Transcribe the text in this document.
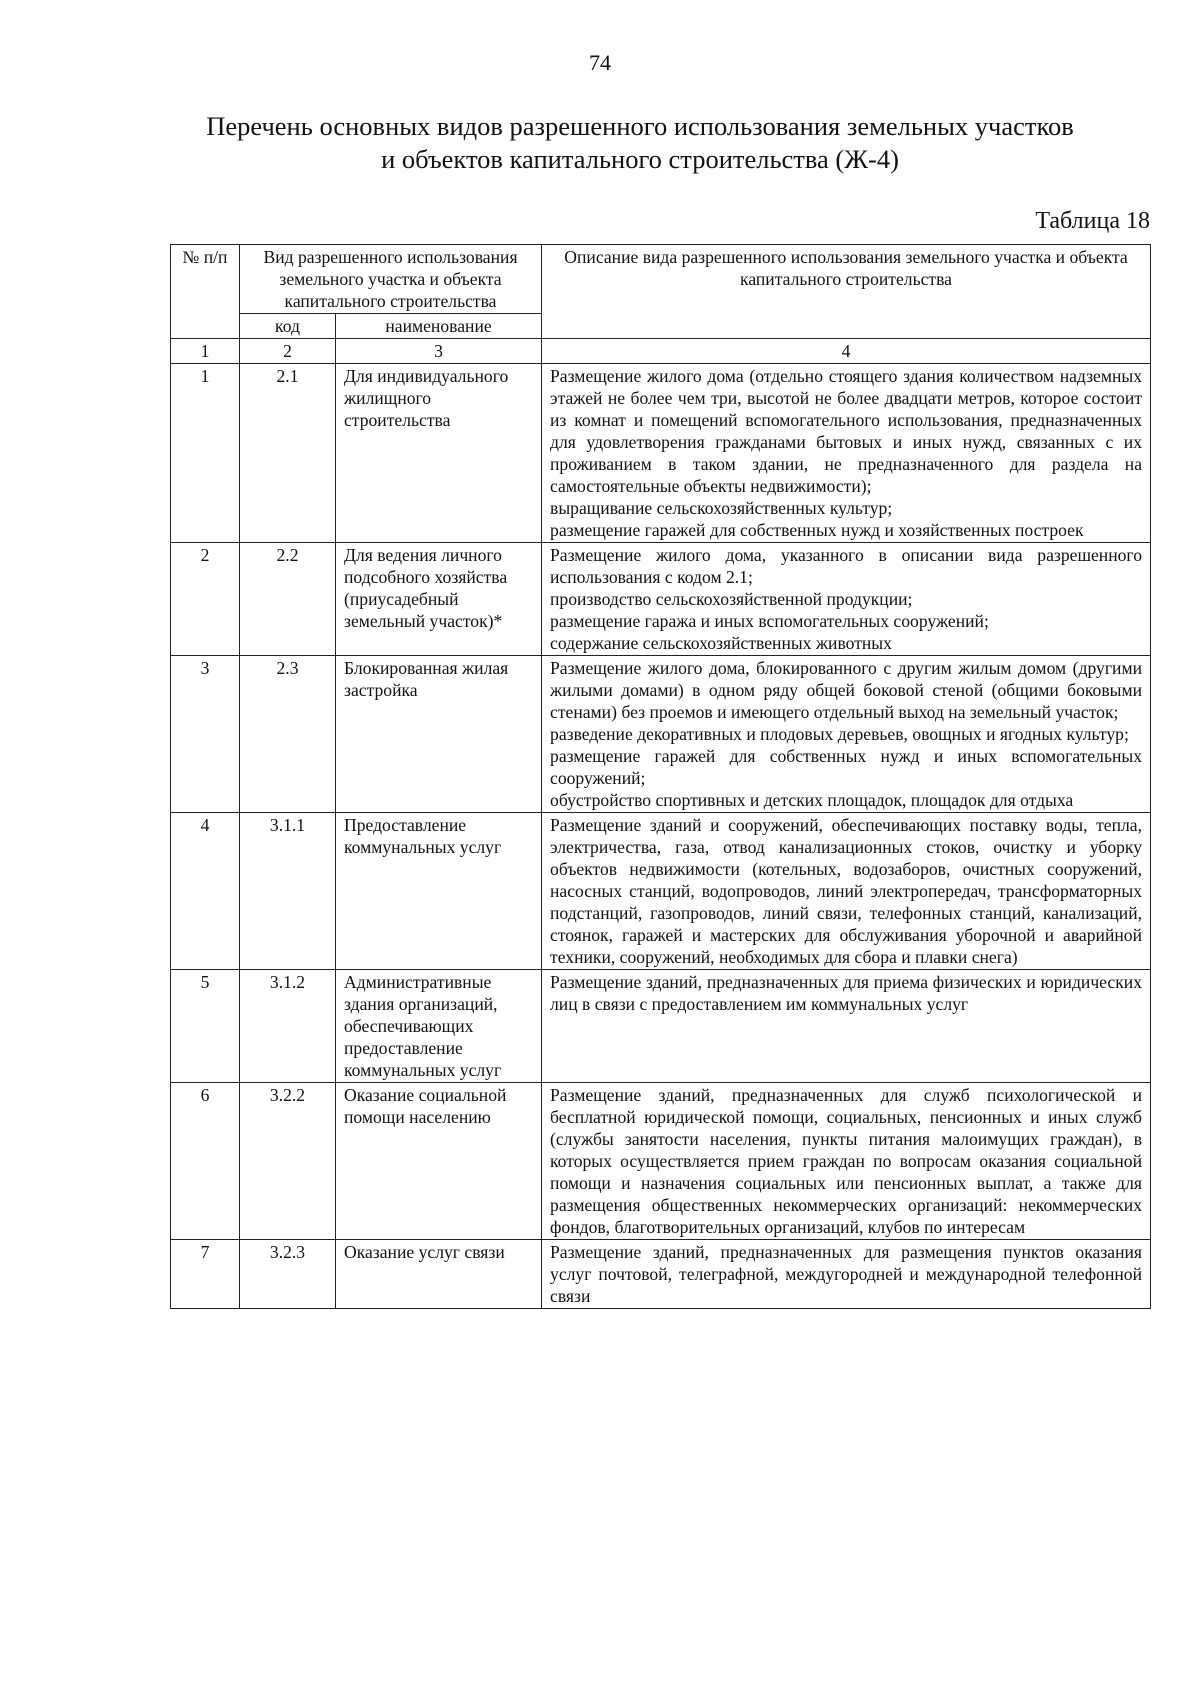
74
Перечень основных видов разрешенного использования земельных участков
и объектов капитального строительства (Ж-4)
Таблица 18
№ п/п	Вид разрешенного использования земельного участка и объекта капитального строительства		Описание вида разрешенного использования земельного участка и объекта капитального строительства
	код	наименование	
1	2	3	4
1	2.1	Для индивидуального жилищного строительства	Размещение жилого дома (отдельно стоящего здания количеством надземных этажей не более чем три, высотой не более двадцати метров, которое состоит из комнат и помещений вспомогательного использования, предназначенных для удовлетворения гражданами бытовых и иных нужд, связанных с их проживанием в таком здании, не предназначенного для раздела на самостоятельные объекты недвижимости);
выращивание сельскохозяйственных культур;
размещение гаражей для собственных нужд и хозяйственных построек

2	2.2	Для ведения личного подсобного хозяйства (приусадебный земельный участок)*	Размещение жилого дома, указанного в описании вида разрешенного использования с кодом 2.1;
производство сельскохозяйственной продукции;
размещение гаража и иных вспомогательных сооружений;
содержание сельскохозяйственных животных

3	2.3	Блокированная жилая застройка	Размещение жилого дома, блокированного с другим жилым домом (другими жилыми домами) в одном ряду общей боковой стеной (общими боковыми стенами) без проемов и имеющего отдельный выход на земельный участок;
разведение декоративных и плодовых деревьев, овощных и ягодных культур;
размещение гаражей для собственных нужд и иных вспомогательных сооружений;
обустройство спортивных и детских площадок, площадок для отдыха

4	3.1.1	Предоставление коммунальных услуг	Размещение зданий и сооружений, обеспечивающих поставку воды, тепла, электричества, газа, отвод канализационных стоков, очистку и уборку объектов недвижимости (котельных, водозаборов, очистных сооружений, насосных станций, водопроводов, линий электропередач, трансформаторных подстанций, газопроводов, линий связи, телефонных станций, канализаций, стоянок, гаражей и мастерских для обслуживания уборочной и аварийной техники, сооружений, необходимых для сбора и плавки снега)

5	3.1.2	Административные здания организаций, обеспечивающих предоставление коммунальных услуг	Размещение зданий, предназначенных для приема физических и юридических лиц в связи с предоставлением им коммунальных услуг

6	3.2.2	Оказание социальной помощи населению	Размещение зданий, предназначенных для служб психологической и бесплатной юридической помощи, социальных, пенсионных и иных служб (службы занятости населения, пункты питания малоимущих граждан), в которых осуществляется прием граждан по вопросам оказания социальной помощи и назначения социальных или пенсионных выплат, а также для размещения общественных некоммерческих организаций: некоммерческих фондов, благотворительных организаций, клубов по интересам

7	3.2.3	Оказание услуг связи	Размещение зданий, предназначенных для размещения пунктов оказания услуг почтовой, телеграфной, междугородней и международной телефонной связи
